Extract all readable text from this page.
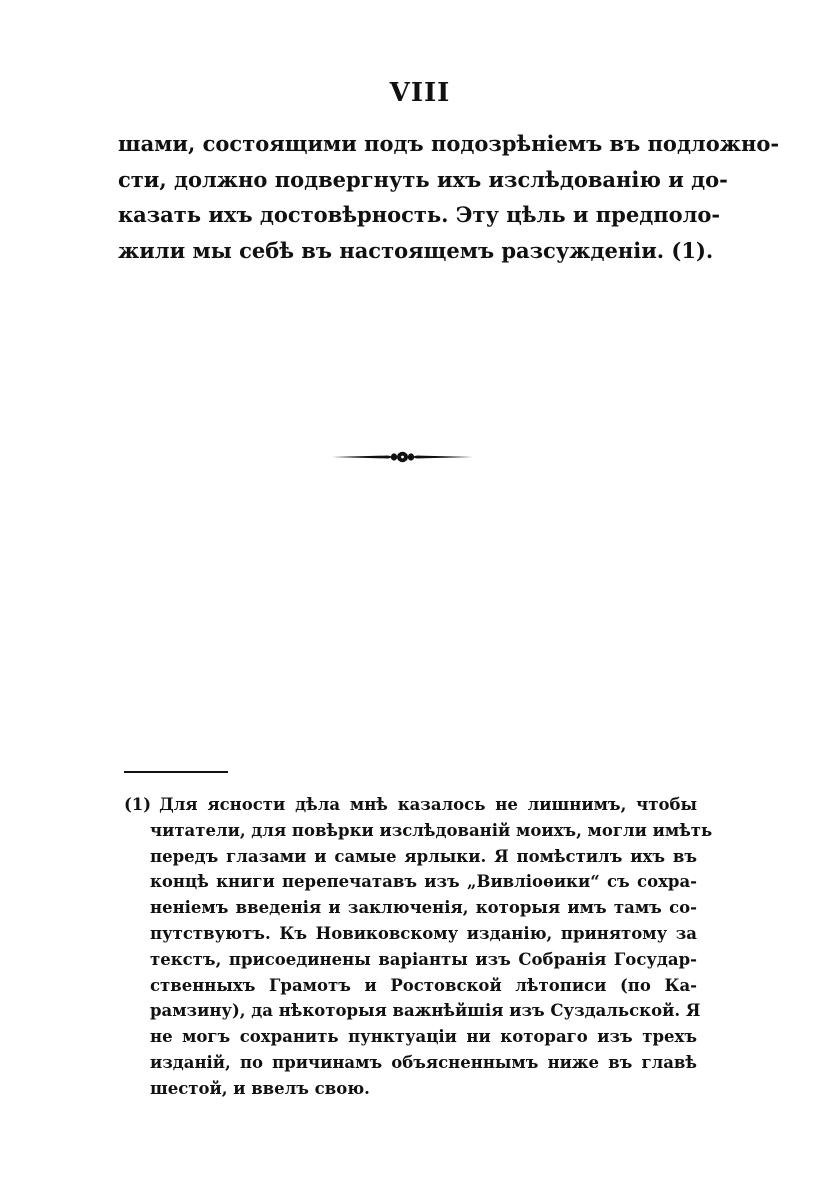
VIII
шами, состоящими подъ подозрѣніемъ въ подложно-
сти, должно подвергнуть ихъ изслѣдованію и до-
казать ихъ достовѣрность. Эту цѣль и предполо-
жили мы себѣ въ настоящемъ разсужденіи. (1).
(1) Для ясности дѣла мнѣ казалось не лишнимъ, чтобы
читатели, для повѣрки изслѣдованій моихъ, могли имѣть
передъ глазами и самые ярлыки. Я помѣстилъ ихъ въ
концѣ книги перепечатавъ изъ „Вивліоѳики“ съ сохра-
неніемъ введенія и заключенія, которыя имъ тамъ со-
путствуютъ. Къ Новиковскому изданію, принятому за
текстъ, присоединены варіанты изъ Собранія Государ-
ственныхъ Грамотъ и Ростовской лѣтописи (по Ка-
рамзину), да нѣкоторыя важнѣйшія изъ Суздальской. Я
не могъ сохранить пунктуаціи ни котораго изъ трехъ
изданій, по причинамъ объясненнымъ ниже въ главѣ
шестой, и ввелъ свою.
